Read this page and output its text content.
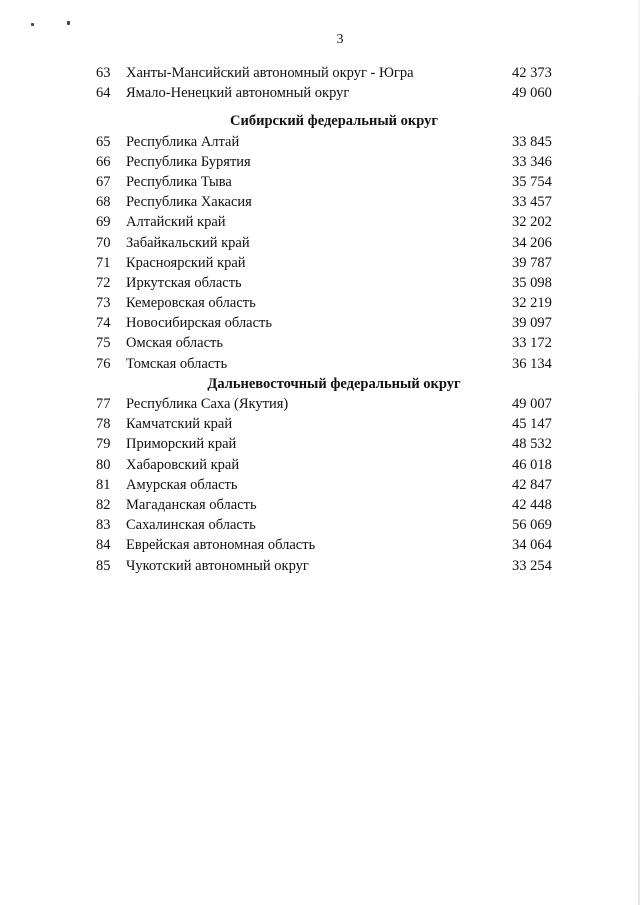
3
63	Ханты-Мансийский автономный округ - Югра	42 373
64	Ямало-Ненецкий автономный округ	49 060
Сибирский федеральный округ
65	Республика Алтай	33 845
66	Республика Бурятия	33 346
67	Республика Тыва	35 754
68	Республика Хакасия	33 457
69	Алтайский край	32 202
70	Забайкальский край	34 206
71	Красноярский край	39 787
72	Иркутская область	35 098
73	Кемеровская область	32 219
74	Новосибирская область	39 097
75	Омская область	33 172
76	Томская область	36 134
Дальневосточный федеральный округ
77	Республика Саха (Якутия)	49 007
78	Камчатский край	45 147
79	Приморский край	48 532
80	Хабаровский край	46 018
81	Амурская область	42 847
82	Магаданская область	42 448
83	Сахалинская область	56 069
84	Еврейская автономная область	34 064
85	Чукотский автономный округ	33 254
